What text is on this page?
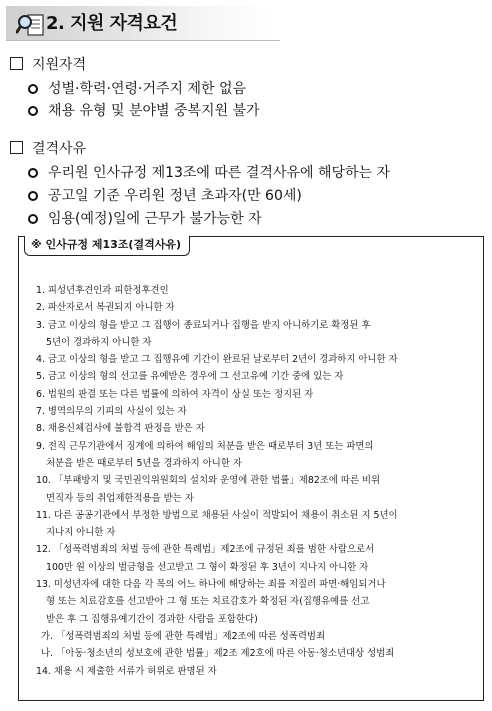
2. 지원 자격요건
지원자격
성별·학력·연령·거주지 제한 없음
채용 유형 및 분야별 중복지원 불가
결격사유
우리원 인사규정 제13조에 따른 결격사유에 해당하는 자
공고일 기준 우리원 정년 초과자(만 60세)
임용(예정)일에 근무가 불가능한 자
※ 인사규정 제13조(결격사유)
1. 피성년후견인과 피한정후견인
2. 파산자로서 복권되지 아니한 자
3. 금고 이상의 형을 받고 그 집행이 종료되거나 집행을 받지 아니하기로 확정된 후
5년이 경과하지 아니한 자
4. 금고 이상의 형을 받고 그 집행유예 기간이 완료된 날로부터 2년이 경과하지 아니한 자
5. 금고 이상의 형의 선고를 유예받은 경우에 그 선고유예 기간 중에 있는 자
6. 법원의 판결 또는 다른 법률에 의하여 자격이 상실 또는 정지된 자
7. 병역의무의 기피의 사실이 있는 자
8. 채용신체검사에 불합격 판정을 받은 자
9. 전직 근무기관에서 징계에 의하여 해임의 처분을 받은 때로부터 3년 또는 파면의
처분을 받은 때로부터 5년을 경과하지 아니한 자
10. 「부패방지 및 국민권익위원회의 설치와 운영에 관한 법률」제82조에 따른 비위
면직자 등의 취업제한적용을 받는 자
11. 다른 공공기관에서 부정한 방법으로 채용된 사실이 적발되어 채용이 취소된 지 5년이
지나지 아니한 자
12. 「성폭력범죄의 처벌 등에 관한 특례법」제2조에 규정된 죄를 범한 사람으로서
100만 원 이상의 벌금형을 선고받고 그 형이 확정된 후 3년이 지나지 아니한 자
13. 미성년자에 대한 다음 각 목의 어느 하나에 해당하는 죄를 저질러 파면·해임되거나
형 또는 치료감호를 선고받아 그 형 또는 치료감호가 확정된 자(집행유예를 선고
받은 후 그 집행유예기간이 경과한 사람을 포함한다)
가. 「성폭력범죄의 처벌 등에 관한 특례법」제2조에 따른 성폭력범죄
나. 「아동·청소년의 성보호에 관한 법률」제2조 제2호에 따른 아동·청소년대상 성범죄
14. 채용 시 제출한 서류가 허위로 판명된 자
